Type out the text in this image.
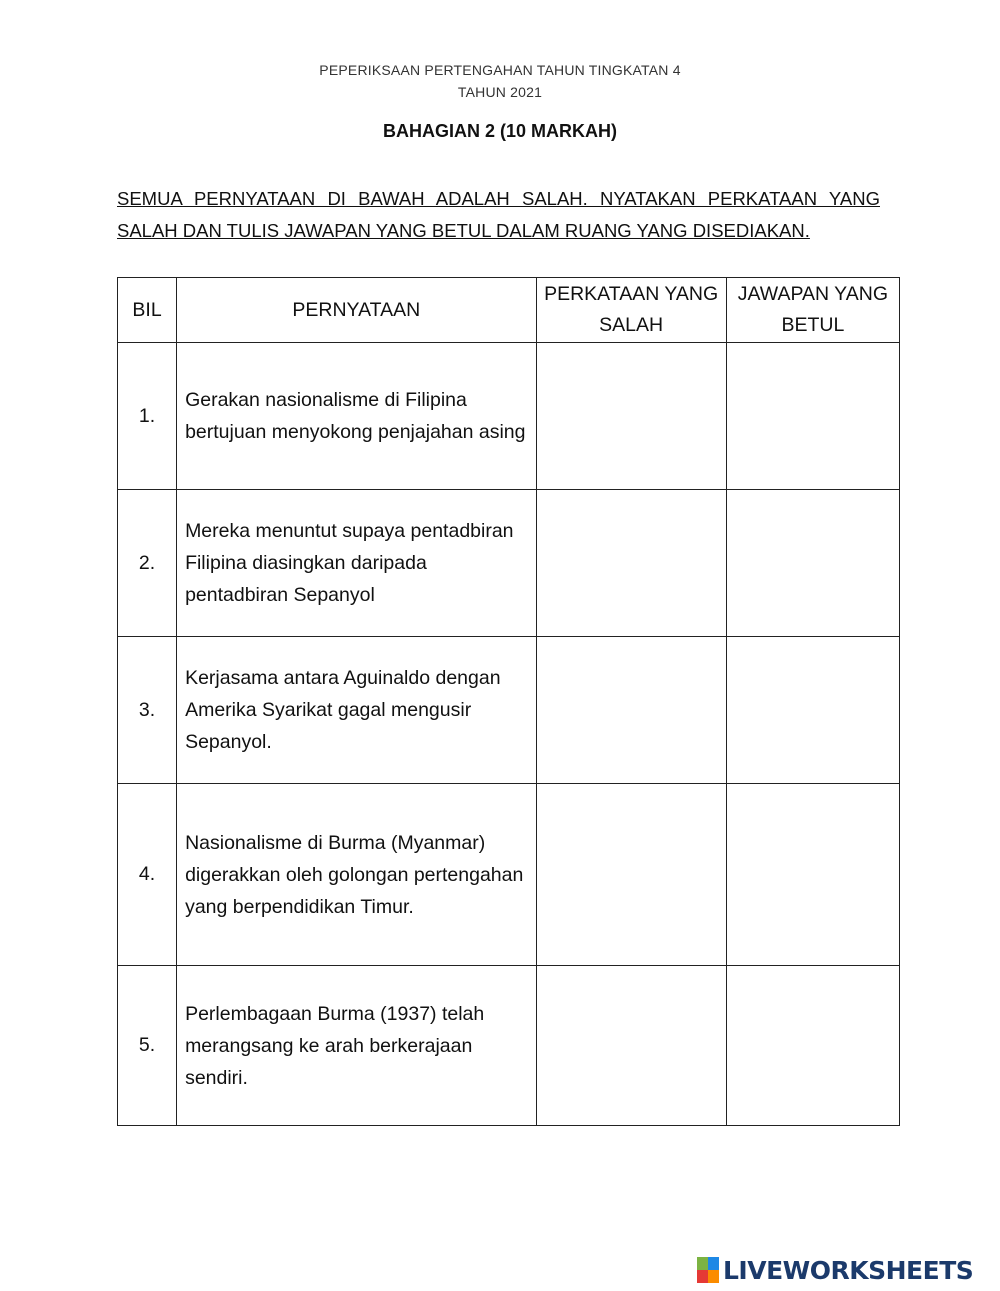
PEPERIKSAAN PERTENGAHAN TAHUN TINGKATAN 4
TAHUN 2021
BAHAGIAN 2 (10 MARKAH)
SEMUA PERNYATAAN DI BAWAH ADALAH SALAH. NYATAKAN PERKATAAN YANG SALAH DAN TULIS JAWAPAN YANG BETUL DALAM RUANG YANG DISEDIAKAN.
BIL	PERNYATAAN	PERKATAAN YANG SALAH	JAWAPAN YANG BETUL
1.	Gerakan nasionalisme di Filipina bertujuan menyokong penjajahan asing		
2.	Mereka menuntut supaya pentadbiran Filipina diasingkan daripada pentadbiran Sepanyol		
3.	Kerjasama antara Aguinaldo dengan Amerika Syarikat gagal mengusir Sepanyol.		
4.	Nasionalisme di Burma (Myanmar) digerakkan oleh golongan pertengahan yang berpendidikan Timur.		
5.	Perlembagaan Burma (1937) telah merangsang ke arah berkerajaan sendiri.		
LIVEWORKSHEETS
